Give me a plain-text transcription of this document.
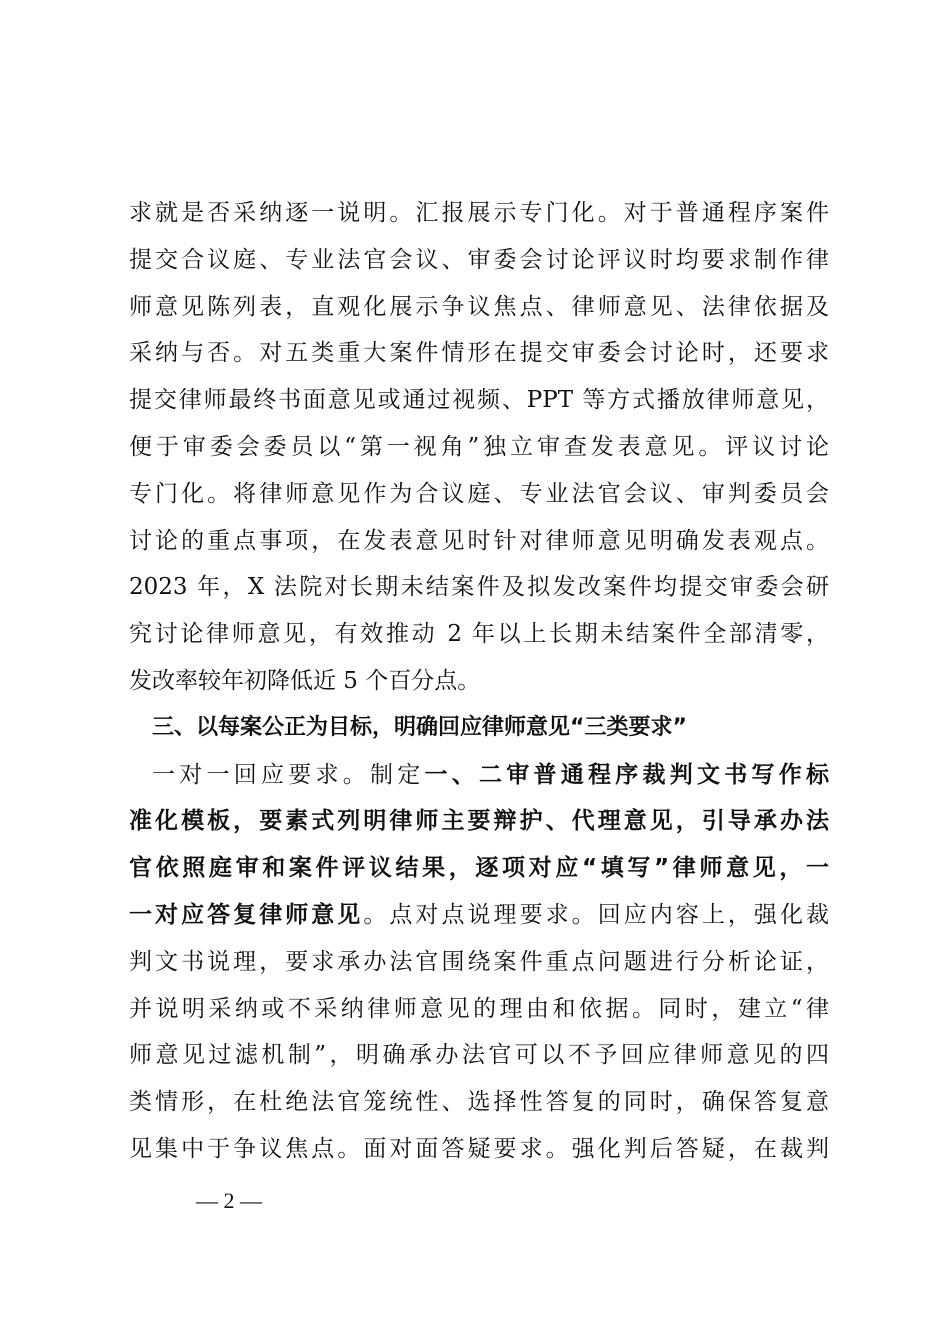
求就是否采纳逐一说明。汇报展示专门化。对于普通程序案件
提交合议庭、专业法官会议、审委会讨论评议时均要求制作律
师意见陈列表，直观化展示争议焦点、律师意见、法律依据及
采纳与否。对五类重大案件情形在提交审委会讨论时，还要求
提交律师最终书面意见或通过视频、PPT 等方式播放律师意见，
便于审委会委员以“第一视角”独立审查发表意见。评议讨论
专门化。将律师意见作为合议庭、专业法官会议、审判委员会
讨论的重点事项，在发表意见时针对律师意见明确发表观点。
2023 年，X 法院对长期未结案件及拟发改案件均提交审委会研
究讨论律师意见，有效推动 2 年以上长期未结案件全部清零，
发改率较年初降低近 5 个百分点。
三、以每案公正为目标，明确回应律师意见“三类要求”
一对一回应要求。制定一、二审普通程序裁判文书写作标
准化模板，要素式列明律师主要辩护、代理意见，引导承办法
官依照庭审和案件评议结果，逐项对应“填写”律师意见，一
一对应答复律师意见。点对点说理要求。回应内容上，强化裁
判文书说理，要求承办法官围绕案件重点问题进行分析论证，
并说明采纳或不采纳律师意见的理由和依据。同时，建立“律
师意见过滤机制”，明确承办法官可以不予回应律师意见的四
类情形，在杜绝法官笼统性、选择性答复的同时，确保答复意
见集中于争议焦点。面对面答疑要求。强化判后答疑，在裁判
— 2 —
